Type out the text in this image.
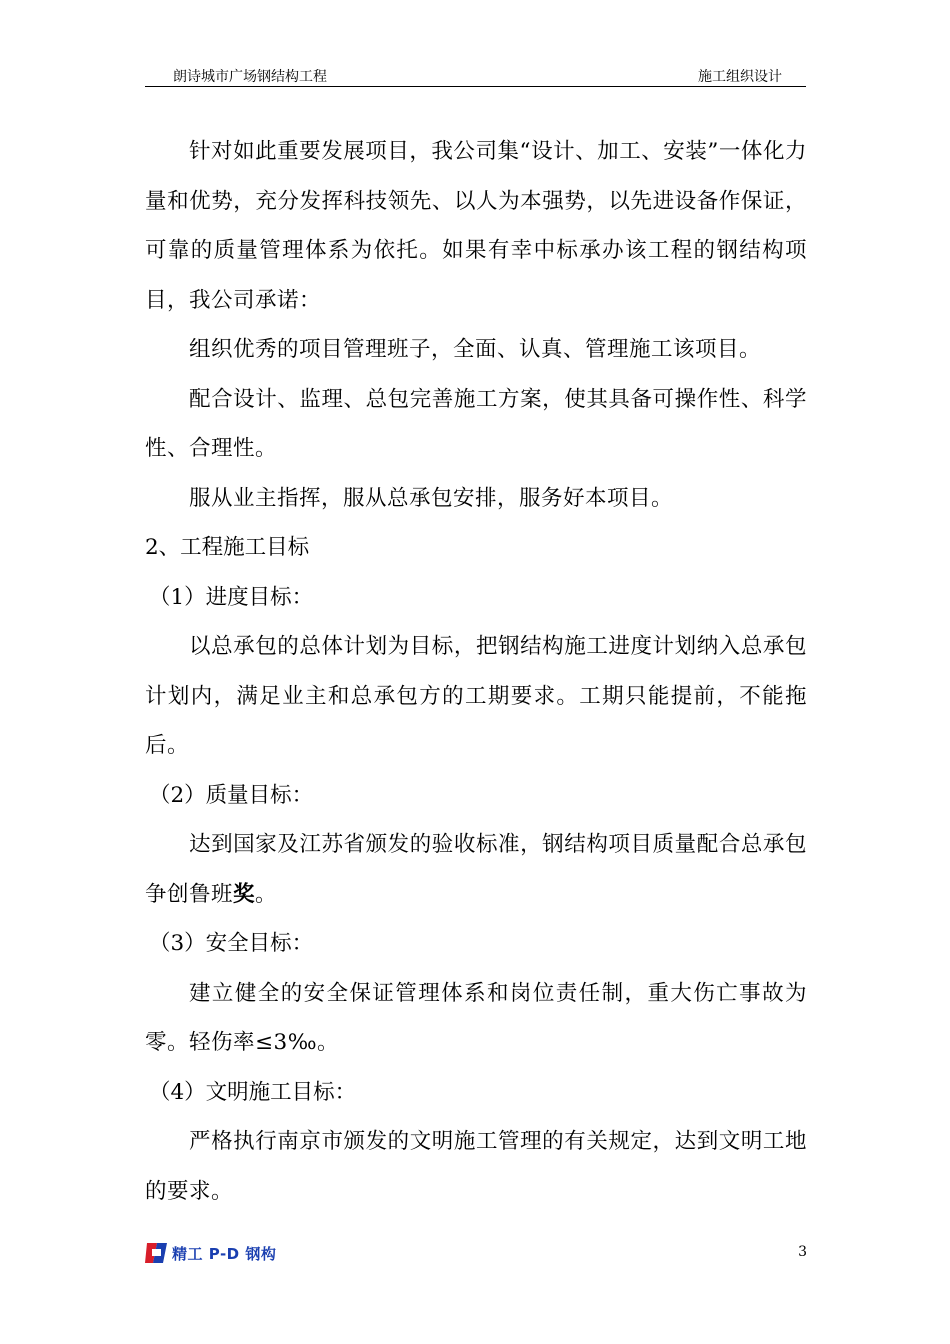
朗诗城市广场钢结构工程	施工组织设计

针对如此重要发展项目，我公司集“设计、加工、安装”一体化力量和优势，充分发挥科技领先、以人为本强势，以先进设备作保证，可靠的质量管理体系为依托。如果有幸中标承办该工程的钢结构项目，我公司承诺：

组织优秀的项目管理班子，全面、认真、管理施工该项目。

配合设计、监理、总包完善施工方案，使其具备可操作性、科学性、合理性。

服从业主指挥，服从总承包安排，服务好本项目。

2、工程施工目标

（1）进度目标：

以总承包的总体计划为目标，把钢结构施工进度计划纳入总承包计划内，满足业主和总承包方的工期要求。工期只能提前，不能拖后。

（2）质量目标：

达到国家及江苏省颁发的验收标准，钢结构项目质量配合总承包争创鲁班奖。

（3）安全目标：

建立健全的安全保证管理体系和岗位责任制，重大伤亡事故为零。轻伤率≤3‰。

（4）文明施工目标：

严格执行南京市颁发的文明施工管理的有关规定，达到文明工地的要求。

精工 P-D 钢构	3
